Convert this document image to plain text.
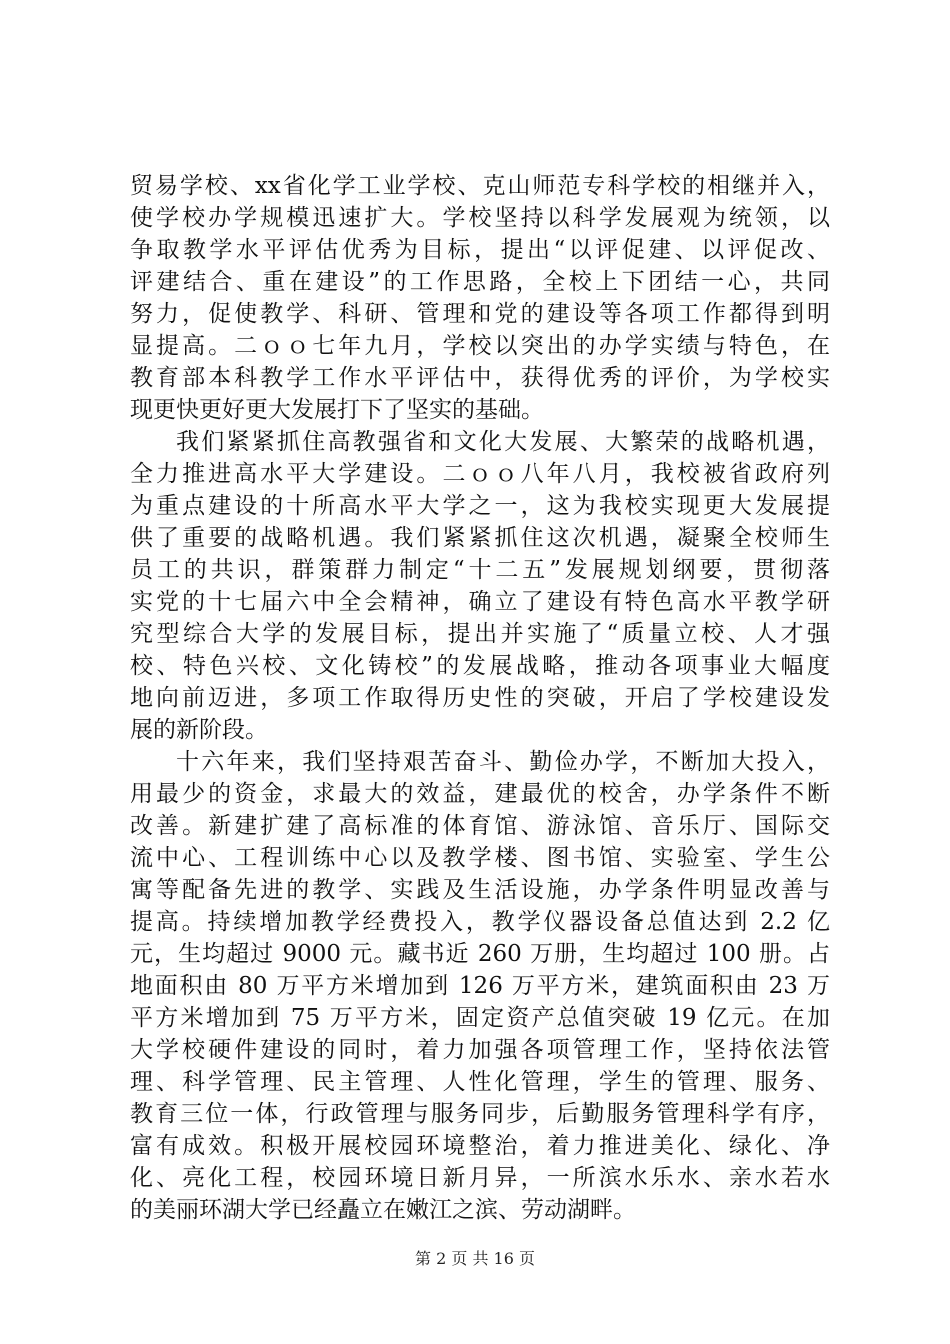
贸易学校、xx省化学工业学校、克山师范专科学校的相继并入，
使学校办学规模迅速扩大。学校坚持以科学发展观为统领，以
争取教学水平评估优秀为目标，提出“以评促建、以评促改、
评建结合、重在建设”的工作思路，全校上下团结一心，共同
努力，促使教学、科研、管理和党的建设等各项工作都得到明
显提高。二ｏｏ七年九月，学校以突出的办学实绩与特色，在
教育部本科教学工作水平评估中，获得优秀的评价，为学校实
现更快更好更大发展打下了坚实的基础。
我们紧紧抓住高教强省和文化大发展、大繁荣的战略机遇，
全力推进高水平大学建设。二ｏｏ八年八月，我校被省政府列
为重点建设的十所高水平大学之一，这为我校实现更大发展提
供了重要的战略机遇。我们紧紧抓住这次机遇，凝聚全校师生
员工的共识，群策群力制定“十二五”发展规划纲要，贯彻落
实党的十七届六中全会精神，确立了建设有特色高水平教学研
究型综合大学的发展目标，提出并实施了“质量立校、人才强
校、特色兴校、文化铸校”的发展战略，推动各项事业大幅度
地向前迈进，多项工作取得历史性的突破，开启了学校建设发
展的新阶段。
十六年来，我们坚持艰苦奋斗、勤俭办学，不断加大投入，
用最少的资金，求最大的效益，建最优的校舍，办学条件不断
改善。新建扩建了高标准的体育馆、游泳馆、音乐厅、国际交
流中心、工程训练中心以及教学楼、图书馆、实验室、学生公
寓等配备先进的教学、实践及生活设施，办学条件明显改善与
提高。持续增加教学经费投入，教学仪器设备总值达到 2.2 亿
元，生均超过 9000 元。藏书近 260 万册，生均超过 100 册。占
地面积由 80 万平方米增加到 126 万平方米，建筑面积由 23 万
平方米增加到 75 万平方米，固定资产总值突破 19 亿元。在加
大学校硬件建设的同时，着力加强各项管理工作，坚持依法管
理、科学管理、民主管理、人性化管理，学生的管理、服务、
教育三位一体，行政管理与服务同步，后勤服务管理科学有序，
富有成效。积极开展校园环境整治，着力推进美化、绿化、净
化、亮化工程，校园环境日新月异，一所滨水乐水、亲水若水
的美丽环湖大学已经矗立在嫩江之滨、劳动湖畔。
第 2 页 共 16 页
